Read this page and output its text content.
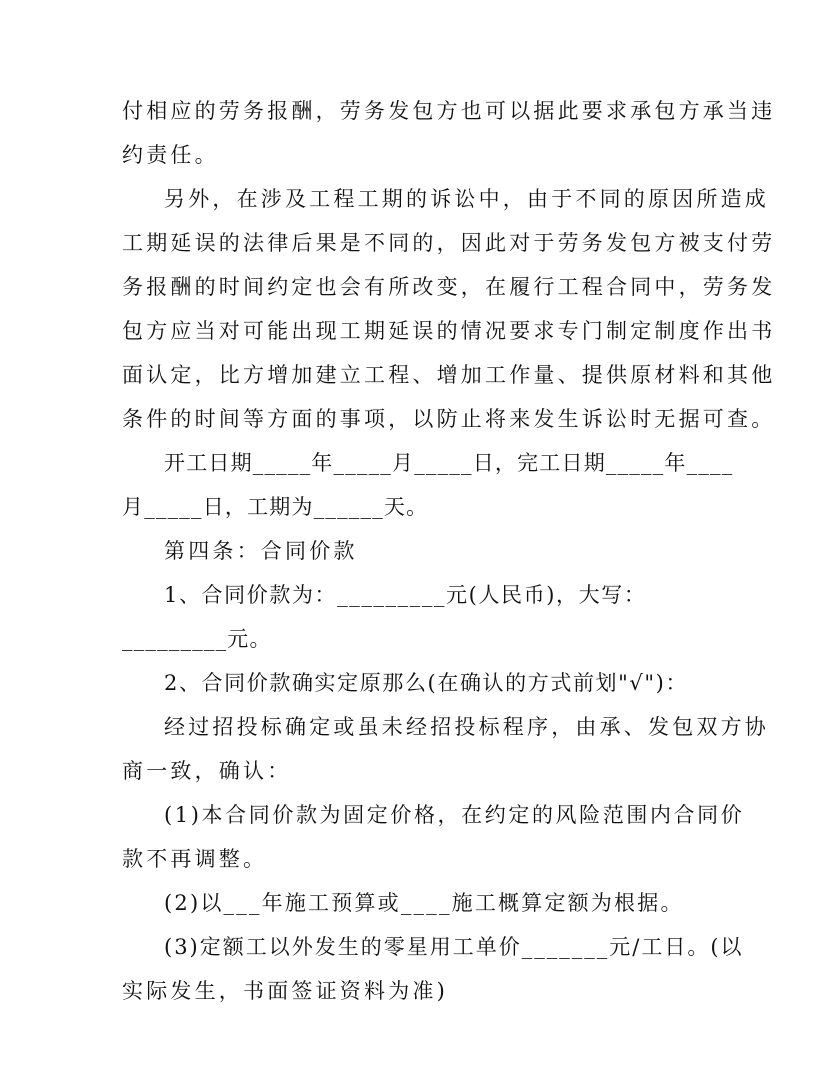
付相应的劳务报酬，劳务发包方也可以据此要求承包方承当违
约责任。
另外，在涉及工程工期的诉讼中，由于不同的原因所造成
工期延误的法律后果是不同的，因此对于劳务发包方被支付劳
务报酬的时间约定也会有所改变，在履行工程合同中，劳务发
包方应当对可能出现工期延误的情况要求专门制定制度作出书
面认定，比方增加建立工程、增加工作量、提供原材料和其他
条件的时间等方面的事项，以防止将来发生诉讼时无据可查。
开工日期_____年_____月_____日，完工日期_____年____
月_____日，工期为______天。
第四条：合同价款
1、合同价款为：_________元(人民币)，大写：
_________元。
2、合同价款确实定原那么(在确认的方式前划"√")：
经过招投标确定或虽未经招投标程序，由承、发包双方协
商一致，确认：
(1)本合同价款为固定价格，在约定的风险范围内合同价
款不再调整。
(2)以___年施工预算或____施工概算定额为根据。
(3)定额工以外发生的零星用工单价_______元/工日。(以
实际发生，书面签证资料为准)
